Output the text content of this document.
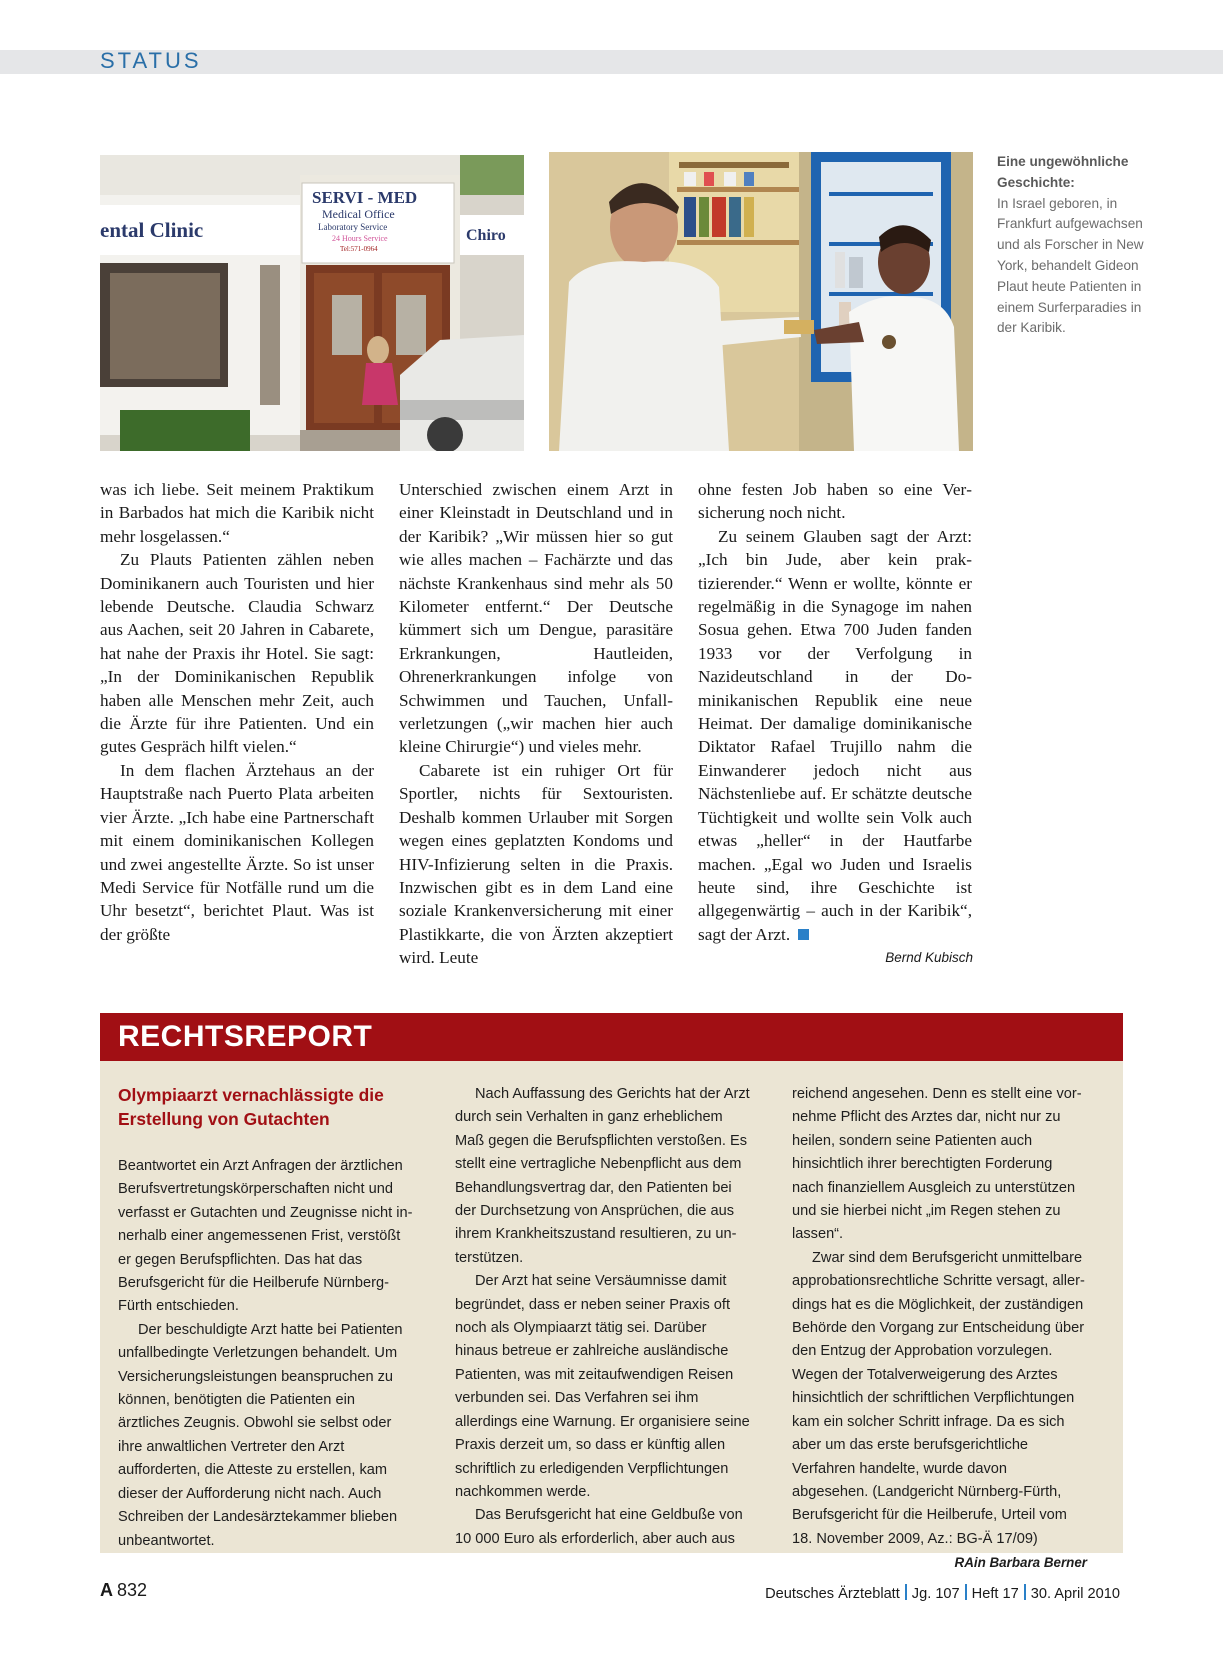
STATUS
ental Clinic
SERVI - MED
Medical Office
Laboratory Service
24 Hours Service
Tel:571-0964
Chiro
Eine ungewöhnliche Geschichte:
In Israel geboren, in Frankfurt aufgewachsen und als Forscher in New York, behandelt Gideon Plaut heute Patienten in einem Surferparadies in der Karibik.

was ich liebe. Seit meinem Praktikum in Barbados hat mich die Karibik nicht mehr losgelassen.“

Zu Plauts Patienten zählen neben Dominikanern auch Touristen und hier lebende Deutsche. Claudia Schwarz aus Aachen, seit 20 Jahren in Cabarete, hat nahe der Praxis ihr Hotel. Sie sagt: „In der Dominikanischen Republik haben alle Menschen mehr Zeit, auch die Ärzte für ihre Patienten. Und ein gutes Gespräch hilft vielen.“

In dem flachen Ärztehaus an der Hauptstraße nach Puerto Plata arbeiten vier Ärzte. „Ich habe eine Partnerschaft mit einem dominikanischen Kollegen und zwei angestellte Ärzte. So ist unser Medi Service für Notfälle rund um die Uhr besetzt“, berichtet Plaut. Was ist der größte

Unterschied zwischen einem Arzt in einer Kleinstadt in Deutschland und in der Karibik? „Wir müssen hier so gut wie alles machen – Fachärzte und das nächste Krankenhaus sind mehr als 50 Kilometer entfernt.“ Der Deutsche kümmert sich um Dengue, parasitäre Erkrankungen, Hautleiden, Ohrenerkrankungen infolge von Schwimmen und Tauchen, Unfallverletzungen („wir machen hier auch kleine Chirurgie“) und vieles mehr.

Cabarete ist ein ruhiger Ort für Sportler, nichts für Sextouristen. Deshalb kommen Urlauber mit Sorgen wegen eines geplatzten Kondoms und HIV-Infizierung selten in die Praxis. Inzwischen gibt es in dem Land eine soziale Krankenversicherung mit einer Plastikkarte, die von Ärzten akzeptiert wird. Leute

ohne festen Job haben so eine Versicherung noch nicht.

Zu seinem Glauben sagt der Arzt: „Ich bin Jude, aber kein praktizierender.“ Wenn er wollte, könnte er regelmäßig in die Synagoge im nahen Sosua gehen. Etwa 700 Juden fanden 1933 vor der Verfolgung in Nazideutschland in der Dominikanischen Republik eine neue Heimat. Der damalige dominikanische Diktator Rafael Trujillo nahm die Einwanderer jedoch nicht aus Nächstenliebe auf. Er schätzte deutsche Tüchtigkeit und wollte sein Volk auch etwas „heller“ in der Hautfarbe machen. „Egal wo Juden und Israelis heute sind, ihre Geschichte ist allgegenwärtig – auch in der Karibik“, sagt der Arzt.

Bernd Kubisch
RECHTSREPORT

Olympiaarzt vernachlässigte die Erstellung von Gutachten

Beantwortet ein Arzt Anfragen der ärztlichen Berufsvertretungskörperschaften nicht und verfasst er Gutachten und Zeugnisse nicht innerhalb einer angemessenen Frist, verstößt er gegen Berufspflichten. Das hat das Berufsgericht für die Heilberufe Nürnberg-Fürth entschieden.

Der beschuldigte Arzt hatte bei Patienten unfallbedingte Verletzungen behandelt. Um Versicherungsleistungen beanspruchen zu können, benötigten die Patienten ein ärztliches Zeugnis. Obwohl sie selbst oder ihre anwaltlichen Vertreter den Arzt aufforderten, die Atteste zu erstellen, kam dieser der Aufforderung nicht nach. Auch Schreiben der Landesärztekammer blieben unbeantwortet.

Nach Auffassung des Gerichts hat der Arzt durch sein Verhalten in ganz erheblichem Maß gegen die Berufspflichten verstoßen. Es stellt eine vertragliche Nebenpflicht aus dem Behandlungsvertrag dar, den Patienten bei der Durchsetzung von Ansprüchen, die aus ihrem Krankheitszustand resultieren, zu unterstützen.

Der Arzt hat seine Versäumnisse damit begründet, dass er neben seiner Praxis oft noch als Olympiaarzt tätig sei. Darüber hinaus betreue er zahlreiche ausländische Patienten, was mit zeitaufwendigen Reisen verbunden sei. Das Verfahren sei ihm allerdings eine Warnung. Er organisiere seine Praxis derzeit um, so dass er künftig allen schriftlich zu erledigenden Verpflichtungen nachkommen werde.

Das Berufsgericht hat eine Geldbuße von 10 000 Euro als erforderlich, aber auch aus

reichend angesehen. Denn es stellt eine vornehme Pflicht des Arztes dar, nicht nur zu heilen, sondern seine Patienten auch hinsichtlich ihrer berechtigten Forderung nach finanziellem Ausgleich zu unterstützen und sie hierbei nicht „im Regen stehen zu lassen“.

Zwar sind dem Berufsgericht unmittelbare approbationsrechtliche Schritte versagt, allerdings hat es die Möglichkeit, der zuständigen Behörde den Vorgang zur Entscheidung über den Entzug der Approbation vorzulegen. Wegen der Totalverweigerung des Arztes hinsichtlich der schriftlichen Verpflichtungen kam ein solcher Schritt infrage. Da es sich aber um das erste berufsgerichtliche Verfahren handelte, wurde davon abgesehen. (Landgericht Nürnberg-Fürth, Berufsgericht für die Heilberufe, Urteil vom 18. November 2009, Az.: BG-Ä 17/09)
RAin Barbara Berner

A 832	Deutsches Ärzteblatt Jg. 107 Heft 17 30. April 2010
